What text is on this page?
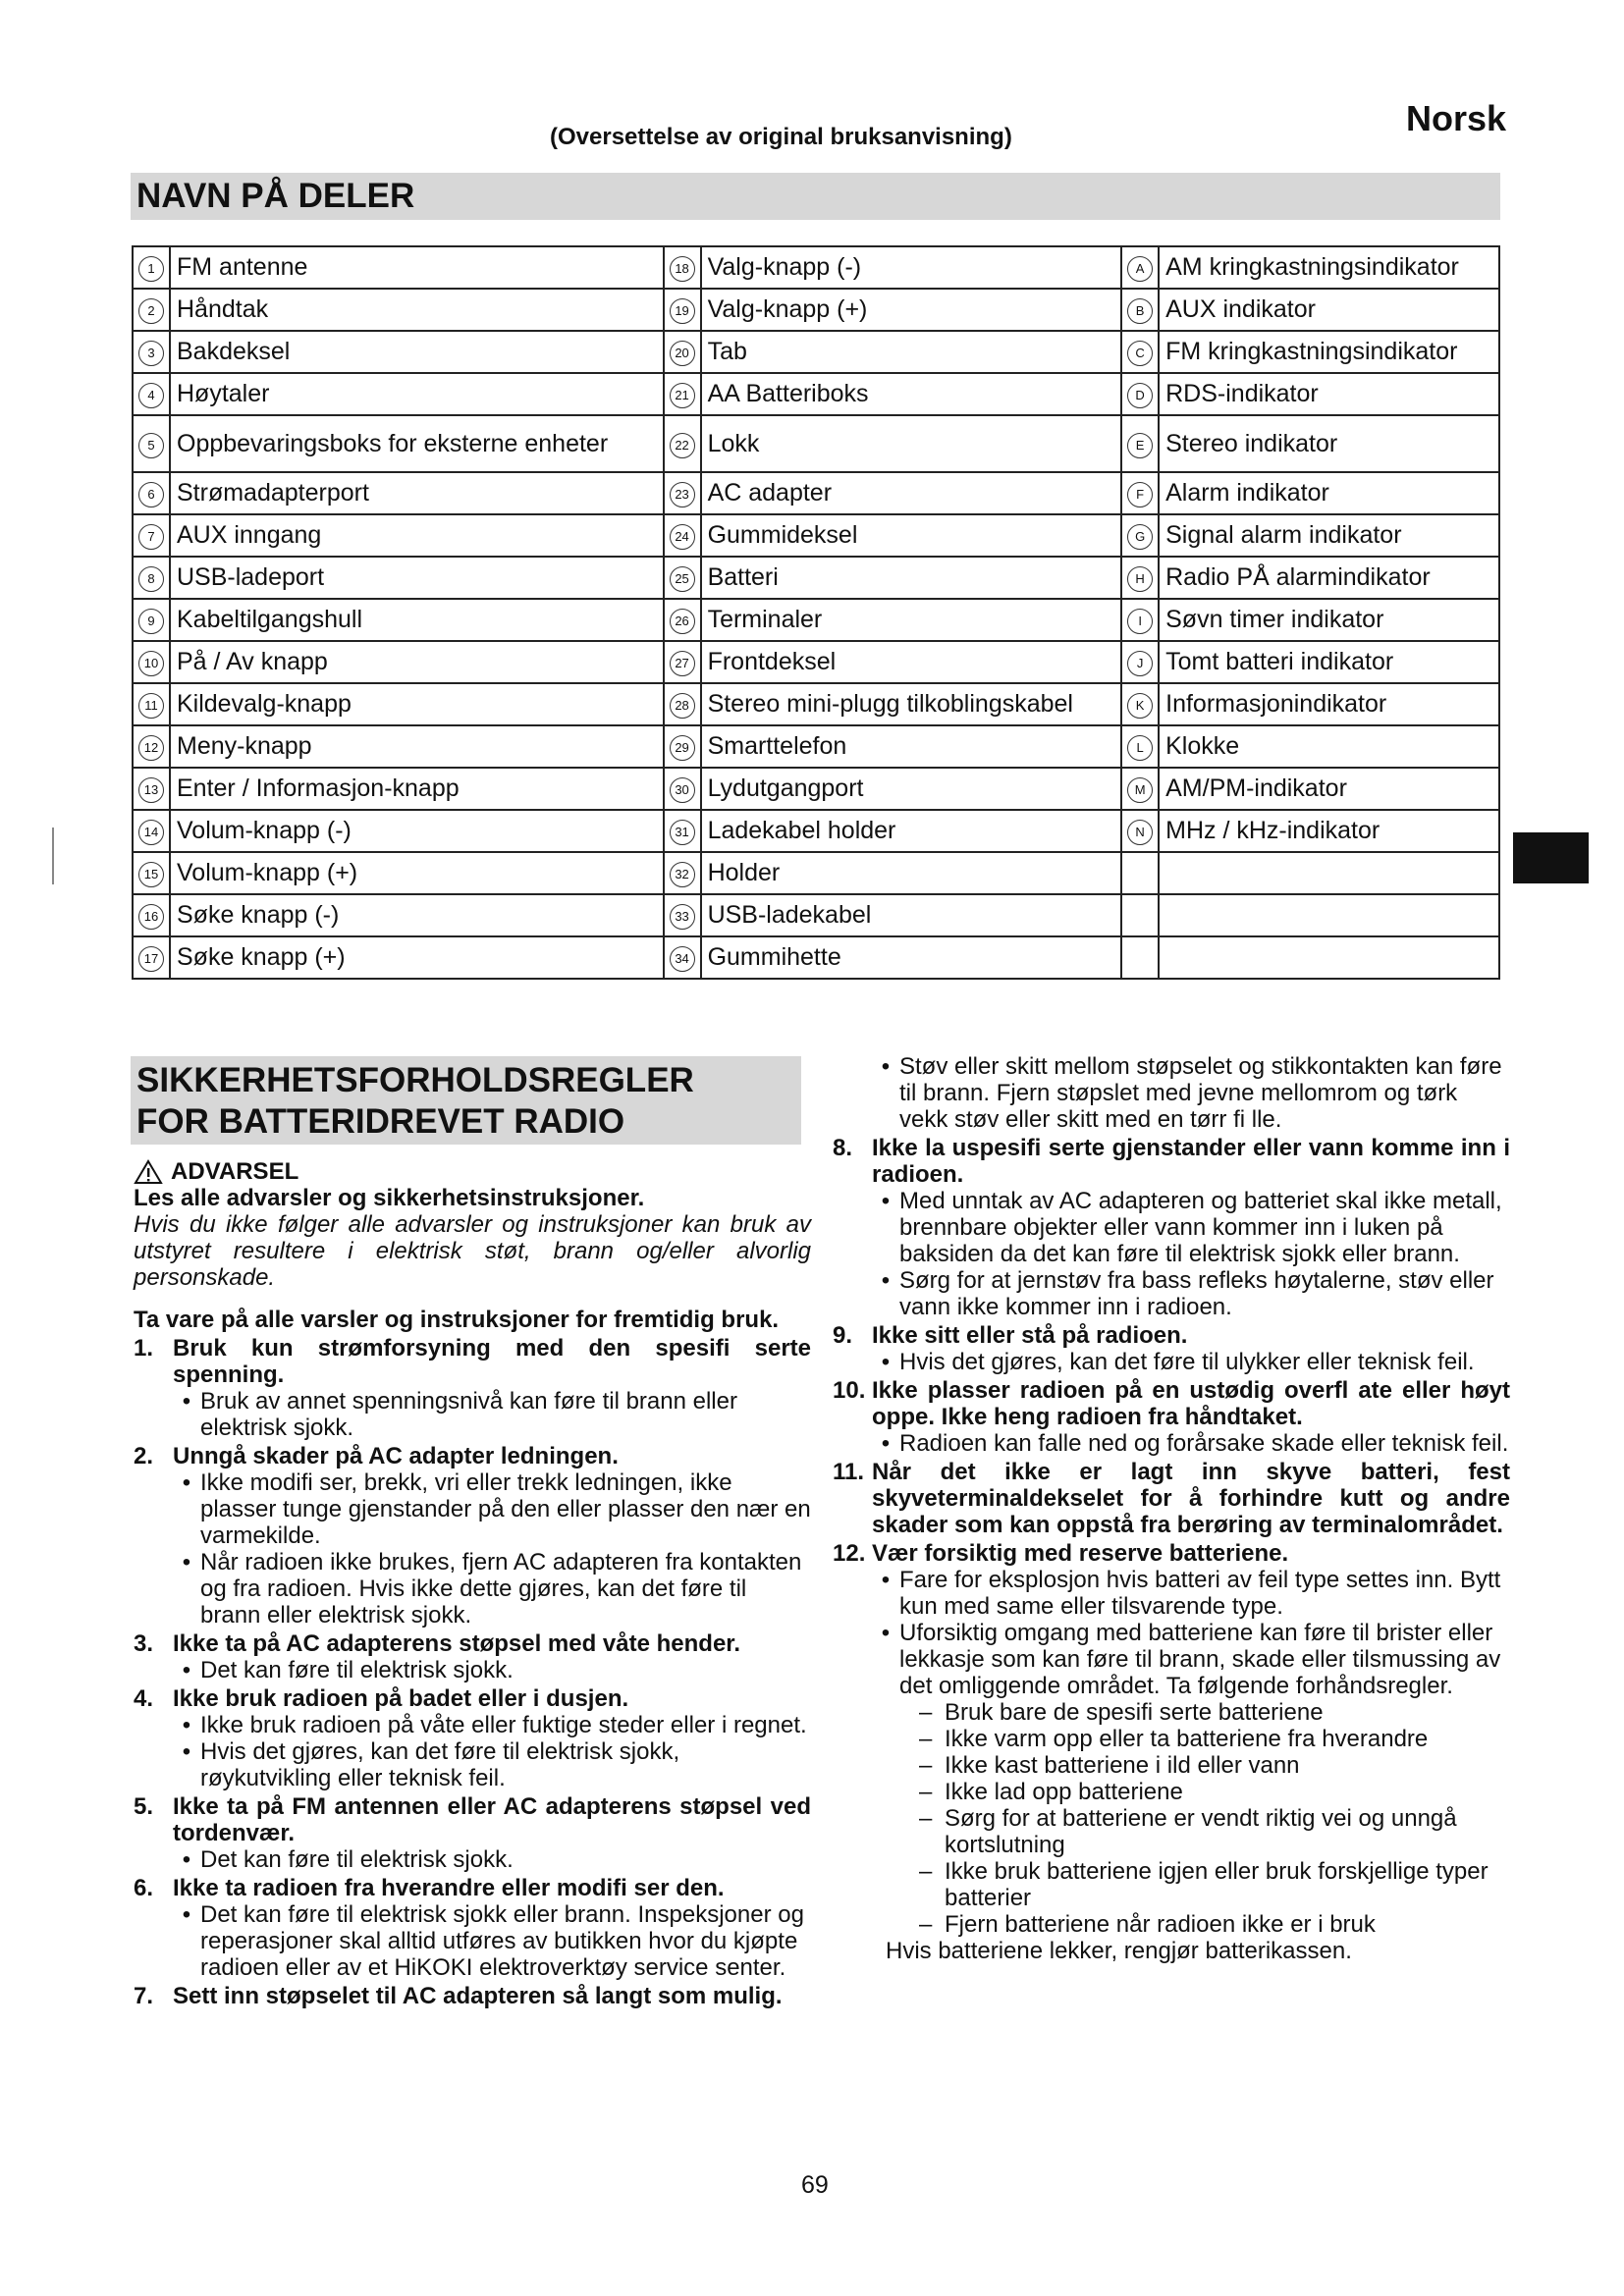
(Oversettelse av original bruksanvisning)	Norsk
NAVN PÅ DELER
1	FM antenne	18	Valg-knapp (-)	A	AM kringkastningsindikator
2	Håndtak	19	Valg-knapp (+)	B	AUX indikator
3	Bakdeksel	20	Tab	C	FM kringkastningsindikator
4	Høytaler	21	AA Batteriboks	D	RDS-indikator
5	Oppbevaringsboks for eksterne enheter	22	Lokk	E	Stereo indikator
6	Strømadapterport	23	AC adapter	F	Alarm indikator
7	AUX inngang	24	Gummideksel	G	Signal alarm indikator
8	USB-ladeport	25	Batteri	H	Radio PÅ alarmindikator
9	Kabeltilgangshull	26	Terminaler	I	Søvn timer indikator
10	På / Av knapp	27	Frontdeksel	J	Tomt batteri indikator
11	Kildevalg-knapp	28	Stereo mini-plugg tilkoblingskabel	K	Informasjonindikator
12	Meny-knapp	29	Smarttelefon	L	Klokke
13	Enter / Informasjon-knapp	30	Lydutgangport	M	AM/PM-indikator
14	Volum-knapp (-)	31	Ladekabel holder	N	MHz / kHz-indikator
15	Volum-knapp (+)	32	Holder		
16	Søke knapp (-)	33	USB-ladekabel		
17	Søke knapp (+)	34	Gummihette		
SIKKERHETSFORHOLDSREGLER
FOR BATTERIDREVET RADIO
ADVARSEL

Les alle advarsler og sikkerhetsinstruksjoner.

Hvis du ikke følger alle advarsler og instruksjoner kan bruk av utstyret resultere i elektrisk støt, brann og/eller alvorlig personskade.

Ta vare på alle varsler og instruksjoner for fremtidig bruk.

1. Bruk kun strømforsyning med den spesifi serte spenning.
• Bruk av annet spenningsnivå kan føre til brann eller elektrisk sjokk.
2. Unngå skader på AC adapter ledningen.
• Ikke modifi ser, brekk, vri eller trekk ledningen, ikke plasser tunge gjenstander på den eller plasser den nær en varmekilde.
• Når radioen ikke brukes, fjern AC adapteren fra kontakten og fra radioen. Hvis ikke dette gjøres, kan det føre til brann eller elektrisk sjokk.
3. Ikke ta på AC adapterens støpsel med våte hender.
• Det kan føre til elektrisk sjokk.
4. Ikke bruk radioen på badet eller i dusjen.
• Ikke bruk radioen på våte eller fuktige steder eller i regnet.
• Hvis det gjøres, kan det føre til elektrisk sjokk, røykutvikling eller teknisk feil.
5. Ikke ta på FM antennen eller AC adapterens støpsel ved tordenvær.
• Det kan føre til elektrisk sjokk.
6. Ikke ta radioen fra hverandre eller modifi ser den.
• Det kan føre til elektrisk sjokk eller brann. Inspeksjoner og reperasjoner skal alltid utføres av butikken hvor du kjøpte radioen eller av et HiKOKI elektroverktøy service senter.
7. Sett inn støpselet til AC adapteren så langt som mulig.
• Støv eller skitt mellom støpselet og stikkontakten kan føre til brann. Fjern støpslet med jevne mellomrom og tørk vekk støv eller skitt med en tørr fi lle.
8. Ikke la uspesifi serte gjenstander eller vann komme inn i radioen.
• Med unntak av AC adapteren og batteriet skal ikke metall, brennbare objekter eller vann kommer inn i luken på baksiden da det kan føre til elektrisk sjokk eller brann.
• Sørg for at jernstøv fra bass refleks høytalerne, støv eller vann ikke kommer inn i radioen.
9. Ikke sitt eller stå på radioen.
• Hvis det gjøres, kan det føre til ulykker eller teknisk feil.
10. Ikke plasser radioen på en ustødig overfl ate eller høyt oppe. Ikke heng radioen fra håndtaket.
• Radioen kan falle ned og forårsake skade eller teknisk feil.
11. Når det ikke er lagt inn skyve batteri, fest skyveterminaldekselet for å forhindre kutt og andre skader som kan oppstå fra berøring av terminalområdet.
12. Vær forsiktig med reserve batteriene.
• Fare for eksplosjon hvis batteri av feil type settes inn. Bytt kun med same eller tilsvarende type.
• Uforsiktig omgang med batteriene kan føre til brister eller lekkasje som kan føre til brann, skade eller tilsmussing av det omliggende området. Ta følgende forhåndsregler.
– Bruk bare de spesifi serte batteriene
– Ikke varm opp eller ta batteriene fra hverandre
– Ikke kast batteriene i ild eller vann
– Ikke lad opp batteriene
– Sørg for at batteriene er vendt riktig vei og unngå kortslutning
– Ikke bruk batteriene igjen eller bruk forskjellige typer batterier
– Fjern batteriene når radioen ikke er i bruk

Hvis batteriene lekker, rengjør batterikassen.

69
